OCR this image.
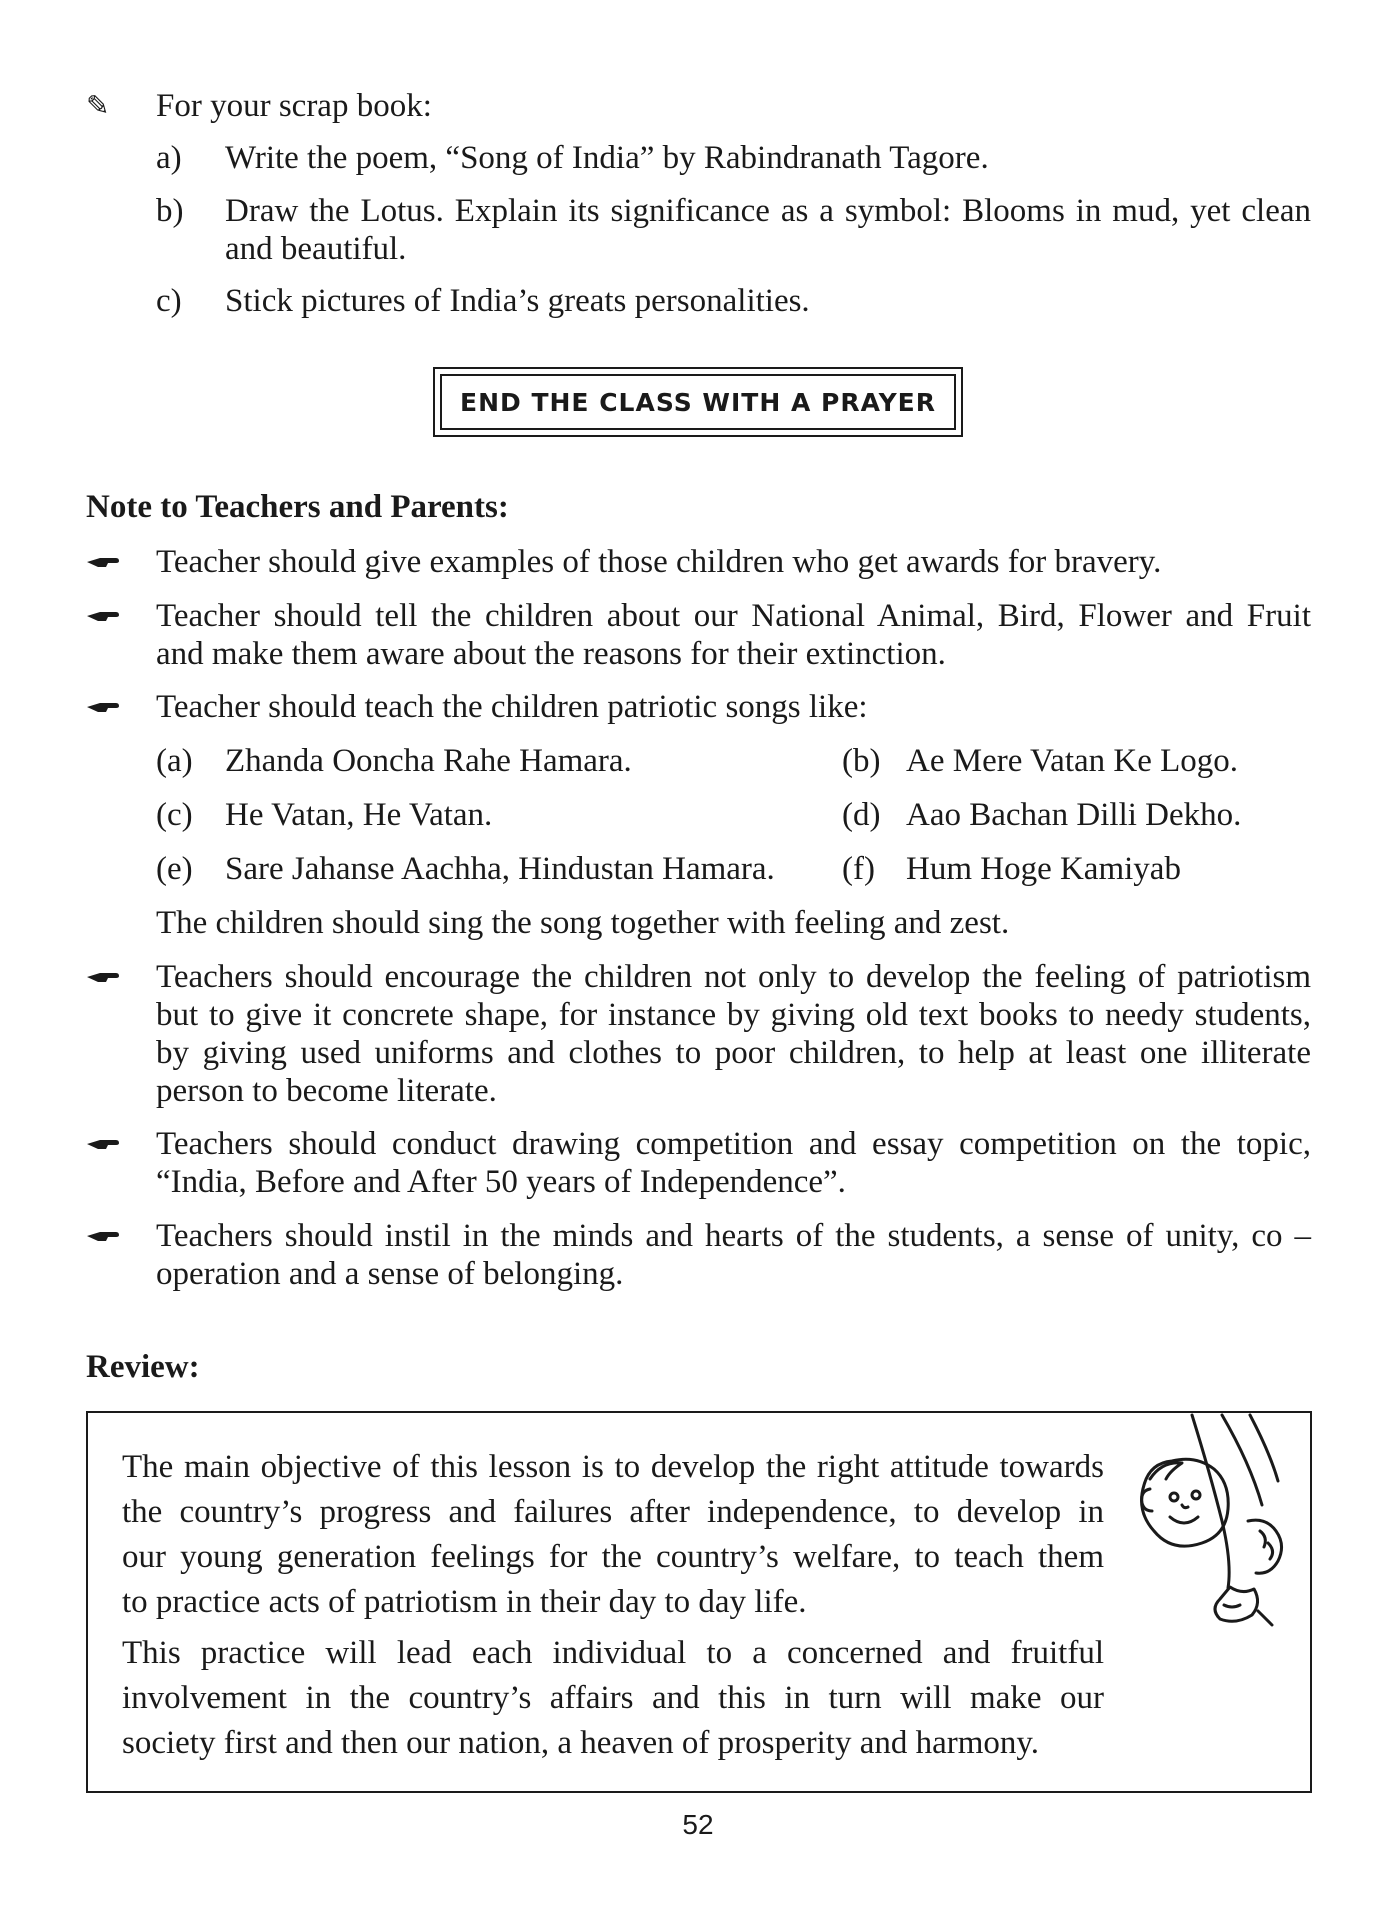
✎ For your scrap book:
a) Write the poem, “Song of India” by Rabindranath Tagore.
b) Draw the Lotus. Explain its significance as a symbol: Blooms in mud, yet clean
and beautiful.
c) Stick pictures of India’s greats personalities.
END THE CLASS WITH A PRAYER
Note to Teachers and Parents:
Teacher should give examples of those children who get awards for bravery.
Teacher should tell the children about our National Animal, Bird, Flower and Fruit
and make them aware about the reasons for their extinction.
Teacher should teach the children patriotic songs like:
(a) Zhanda Ooncha Rahe Hamara.	(b) Ae Mere Vatan Ke Logo.
(c) He Vatan, He Vatan.	(d) Aao Bachan Dilli Dekho.
(e) Sare Jahanse Aachha, Hindustan Hamara. (f) Hum Hoge Kamiyab
The children should sing the song together with feeling and zest.
Teachers should encourage the children not only to develop the feeling of patriotism
but to give it concrete shape, for instance by giving old text books to needy students,
by giving used uniforms and clothes to poor children, to help at least one illiterate
person to become literate.
Teachers should conduct drawing competition and essay competition on the topic,
“India, Before and After 50 years of Independence”.
Teachers should instil in the minds and hearts of the students, a sense of unity, co –
operation and a sense of belonging.
Review:
The main objective of this lesson is to develop the right attitude towards
the country’s progress and failures after independence, to develop in
our young generation feelings for the country’s welfare, to teach them
to practice acts of patriotism in their day to day life.
This practice will lead each individual to a concerned and fruitful
involvement in the country’s affairs and this in turn will make our
society first and then our nation, a heaven of prosperity and harmony.
52
